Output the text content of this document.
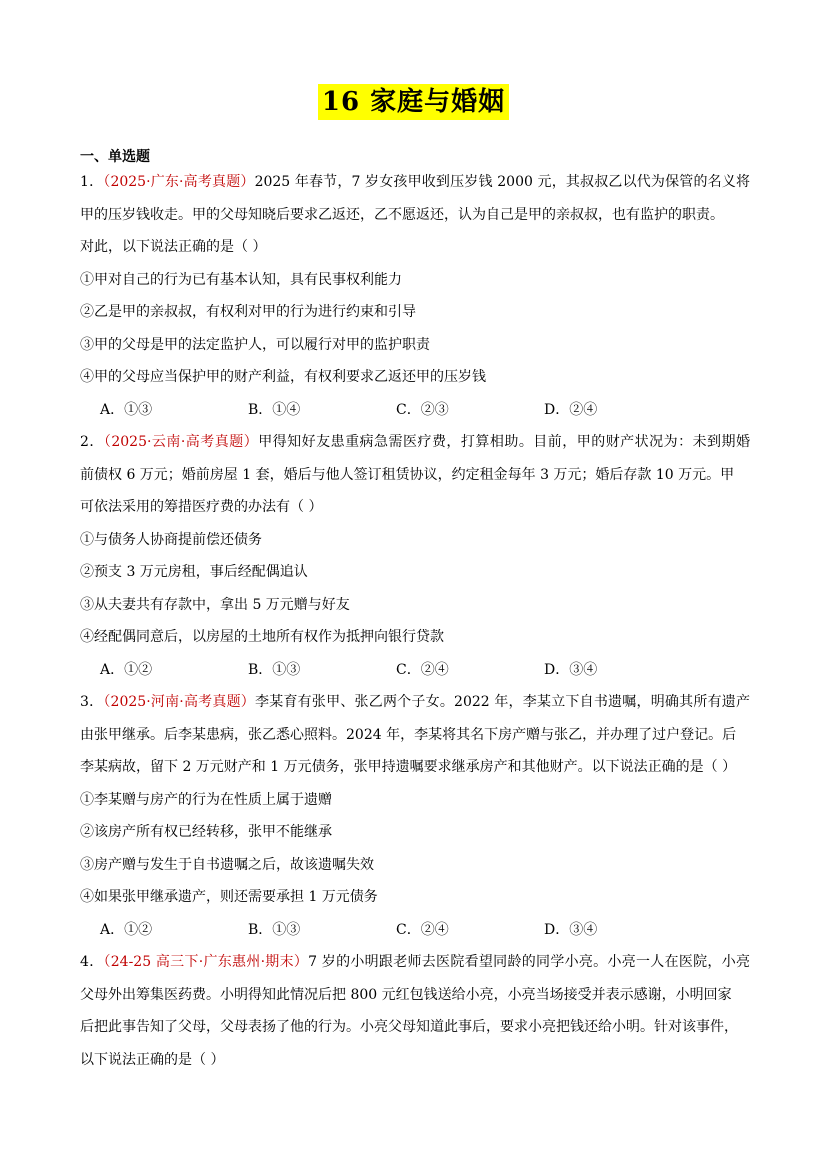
16 家庭与婚姻
一、单选题

1．（2025·广东·高考真题）2025 年春节，7 岁女孩甲收到压岁钱 2000 元，其叔叔乙以代为保管的名义将

甲的压岁钱收走。甲的父母知晓后要求乙返还，乙不愿返还，认为自己是甲的亲叔叔，也有监护的职责。

对此，以下说法正确的是（ ）

①甲对自己的行为已有基本认知，具有民事权利能力

②乙是甲的亲叔叔，有权利对甲的行为进行约束和引导

③甲的父母是甲的法定监护人，可以履行对甲的监护职责

④甲的父母应当保护甲的财产利益，有权利要求乙返还甲的压岁钱

A．①③	B．①④	C．②③	D．②④

2．（2025·云南·高考真题）甲得知好友患重病急需医疗费，打算相助。目前，甲的财产状况为：未到期婚

前债权 6 万元；婚前房屋 1 套，婚后与他人签订租赁协议，约定租金每年 3 万元；婚后存款 10 万元。甲

可依法采用的筹措医疗费的办法有（ ）

①与债务人协商提前偿还债务

②预支 3 万元房租，事后经配偶追认

③从夫妻共有存款中，拿出 5 万元赠与好友

④经配偶同意后，以房屋的土地所有权作为抵押向银行贷款

A．①②	B．①③	C．②④	D．③④

3．（2025·河南·高考真题）李某育有张甲、张乙两个子女。2022 年，李某立下自书遗嘱，明确其所有遗产

由张甲继承。后李某患病，张乙悉心照料。2024 年，李某将其名下房产赠与张乙，并办理了过户登记。后

李某病故，留下 2 万元财产和 1 万元债务，张甲持遗嘱要求继承房产和其他财产。以下说法正确的是（ ）

①李某赠与房产的行为在性质上属于遗赠

②该房产所有权已经转移，张甲不能继承

③房产赠与发生于自书遗嘱之后，故该遗嘱失效

④如果张甲继承遗产，则还需要承担 1 万元债务

A．①②	B．①③	C．②④	D．③④

4．（24-25 高三下·广东惠州·期末）7 岁的小明跟老师去医院看望同龄的同学小亮。小亮一人在医院，小亮

父母外出筹集医药费。小明得知此情况后把 800 元红包钱送给小亮，小亮当场接受并表示感谢，小明回家

后把此事告知了父母，父母表扬了他的行为。小亮父母知道此事后，要求小亮把钱还给小明。针对该事件，

以下说法正确的是（ ）
